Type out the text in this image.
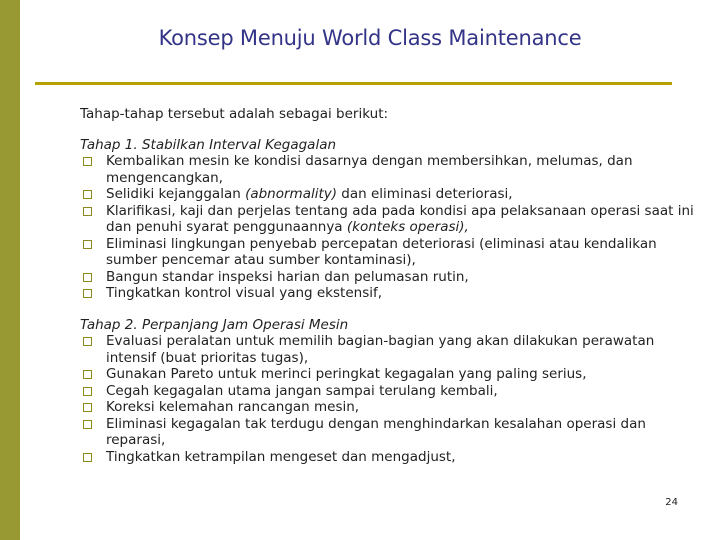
Konsep Menuju World Class Maintenance

Tahap-tahap tersebut adalah sebagai berikut:

Tahap 1. Stabilkan Interval Kegagalan
Kembalikan mesin ke kondisi dasarnya dengan membersihkan, melumas, dan mengencangkan,
Selidiki kejanggalan (abnormality) dan eliminasi deteriorasi,
Klarifikasi, kaji dan perjelas tentang ada pada kondisi apa pelaksanaan operasi saat ini dan penuhi syarat penggunaannya (konteks operasi),
Eliminasi lingkungan penyebab percepatan deteriorasi (eliminasi atau kendalikan sumber pencemar atau sumber kontaminasi),
Bangun standar inspeksi harian dan pelumasan rutin,
Tingkatkan kontrol visual yang ekstensif,
Tahap 2. Perpanjang Jam Operasi Mesin
Evaluasi peralatan untuk memilih bagian-bagian yang akan dilakukan perawatan intensif (buat prioritas tugas),
Gunakan Pareto untuk merinci peringkat kegagalan yang paling serius,
Cegah kegagalan utama jangan sampai terulang kembali,
Koreksi kelemahan rancangan mesin,
Eliminasi kegagalan tak terdugu dengan menghindarkan kesalahan operasi dan reparasi,
Tingkatkan ketrampilan mengeset dan mengadjust,
24
